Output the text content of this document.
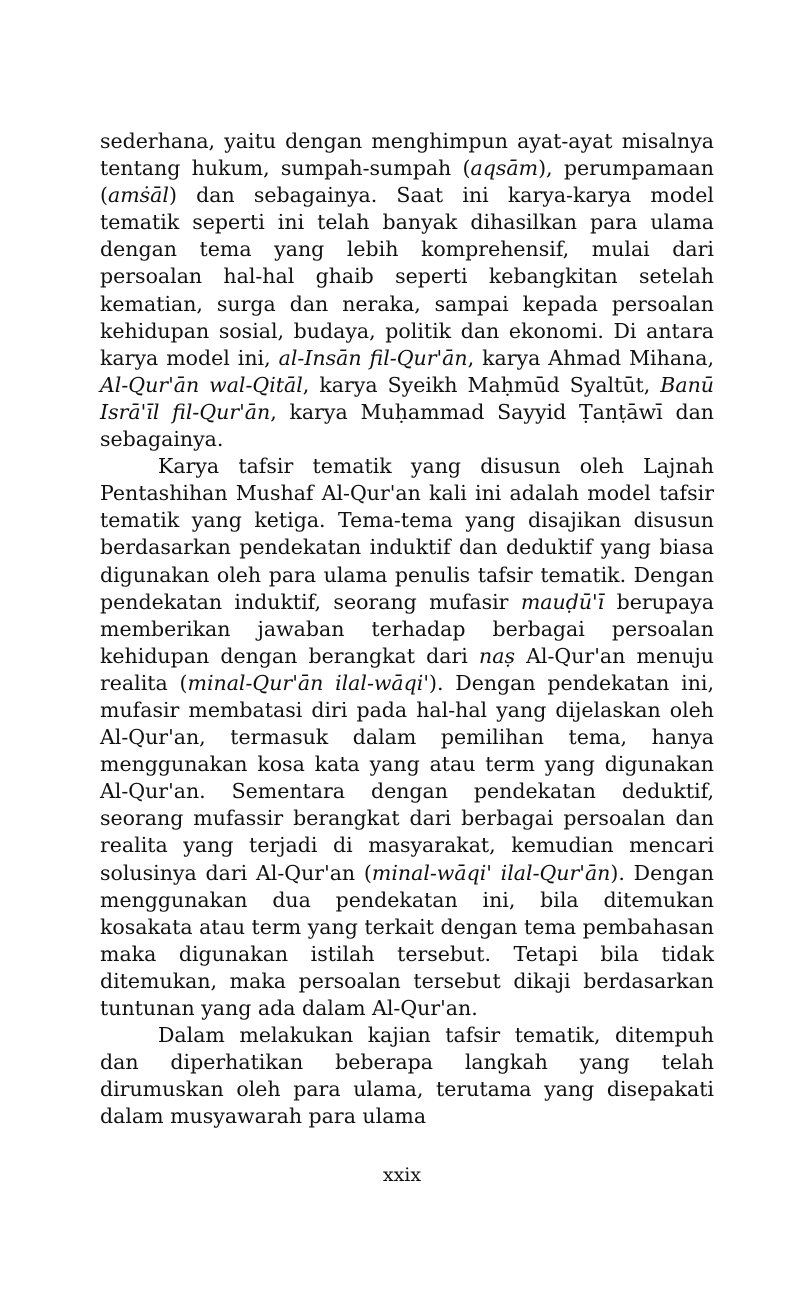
sederhana, yaitu dengan menghimpun ayat-ayat misalnya tentang hukum, sumpah-sumpah (aqsām), perumpamaan (amṡāl) dan sebagainya. Saat ini karya-karya model tematik seperti ini telah banyak dihasilkan para ulama dengan tema yang lebih komprehensif, mulai dari persoalan hal-hal ghaib seperti kebangkitan setelah kematian, surga dan neraka, sampai kepada persoalan kehidupan sosial, budaya, politik dan ekonomi. Di antara karya model ini, al-Insān fil-Qur'ān, karya Ahmad Mihana, Al-Qur'ān wal-Qitāl, karya Syeikh Maḥmūd Syaltūt, Banū Isrā'īl fil-Qur'ān, karya Muḥammad Sayyid Ṭanṭāwī dan sebagainya.

Karya tafsir tematik yang disusun oleh Lajnah Pentashihan Mushaf Al-Qur'an kali ini adalah model tafsir tematik yang ketiga. Tema-tema yang disajikan disusun berdasarkan pendekatan induktif dan deduktif yang biasa digunakan oleh para ulama penulis tafsir tematik. Dengan pendekatan induktif, seorang mufasir mauḍū'ī berupaya memberikan jawaban terhadap berbagai persoalan kehidupan dengan berangkat dari naṣ Al-Qur'an menuju realita (minal-Qur'ān ilal-wāqi'). Dengan pendekatan ini, mufasir membatasi diri pada hal-hal yang dijelaskan oleh Al-Qur'an, termasuk dalam pemilihan tema, hanya menggunakan kosa kata yang atau term yang digunakan Al-Qur'an. Sementara dengan pendekatan deduktif, seorang mufassir berangkat dari berbagai persoalan dan realita yang terjadi di masyarakat, kemudian mencari solusinya dari Al-Qur'an (minal-wāqi' ilal-Qur'ān). Dengan menggunakan dua pendekatan ini, bila ditemukan kosakata atau term yang terkait dengan tema pembahasan maka digunakan istilah tersebut. Tetapi bila tidak ditemukan, maka persoalan tersebut dikaji berdasarkan tuntunan yang ada dalam Al-Qur'an.

Dalam melakukan kajian tafsir tematik, ditempuh dan diperhatikan beberapa langkah yang telah dirumuskan oleh para ulama, terutama yang disepakati dalam musyawarah para ulama

xxix
